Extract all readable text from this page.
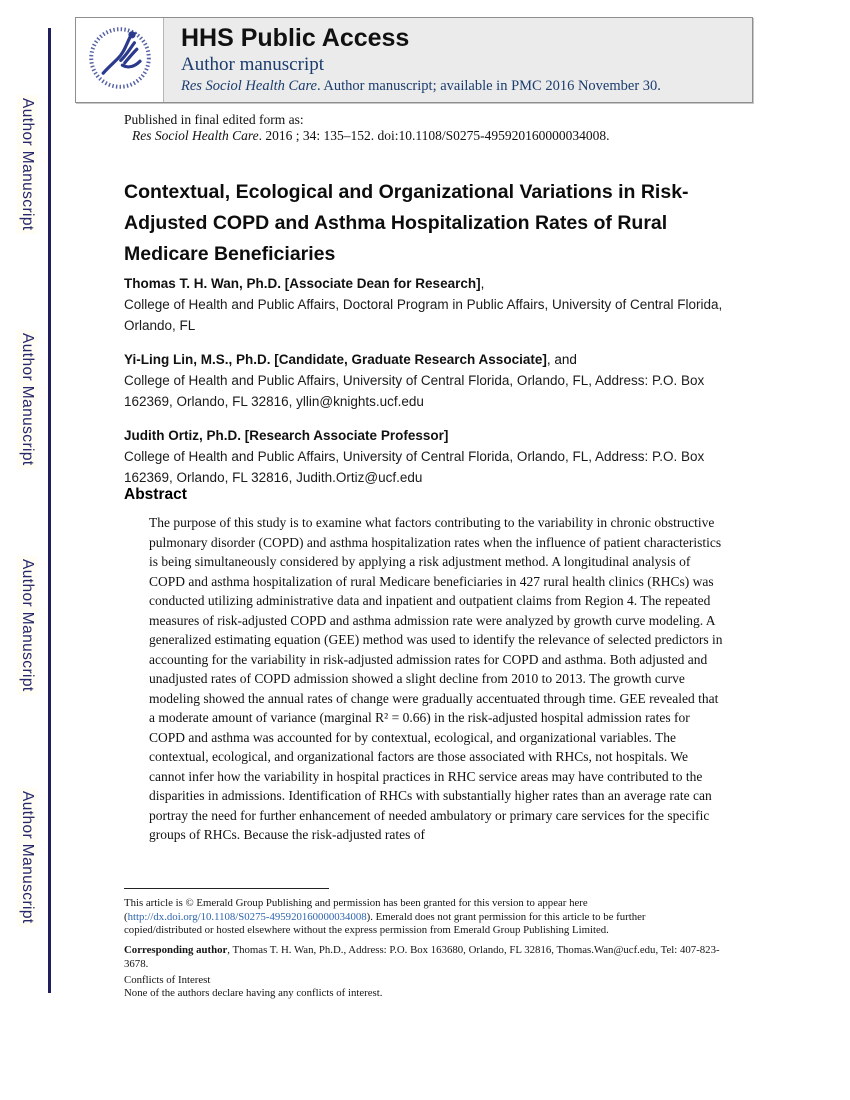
Author Manuscript
Author Manuscript
Author Manuscript
Author Manuscript
HHS Public Access
Author manuscript
Res Sociol Health Care. Author manuscript; available in PMC 2016 November 30.
Published in final edited form as:
Res Sociol Health Care. 2016 ; 34: 135–152. doi:10.1108/S0275-495920160000034008.
Contextual, Ecological and Organizational Variations in Risk-Adjusted COPD and Asthma Hospitalization Rates of Rural Medicare Beneficiaries
Thomas T. H. Wan, Ph.D. [Associate Dean for Research],
College of Health and Public Affairs, Doctoral Program in Public Affairs, University of Central Florida, Orlando, FL
Yi-Ling Lin, M.S., Ph.D. [Candidate, Graduate Research Associate], and
College of Health and Public Affairs, University of Central Florida, Orlando, FL, Address: P.O. Box 162369, Orlando, FL 32816, yllin@knights.ucf.edu
Judith Ortiz, Ph.D. [Research Associate Professor]
College of Health and Public Affairs, University of Central Florida, Orlando, FL, Address: P.O. Box 162369, Orlando, FL 32816, Judith.Ortiz@ucf.edu
Abstract

The purpose of this study is to examine what factors contributing to the variability in chronic obstructive pulmonary disorder (COPD) and asthma hospitalization rates when the influence of patient characteristics is being simultaneously considered by applying a risk adjustment method. A longitudinal analysis of COPD and asthma hospitalization of rural Medicare beneficiaries in 427 rural health clinics (RHCs) was conducted utilizing administrative data and inpatient and outpatient claims from Region 4. The repeated measures of risk-adjusted COPD and asthma admission rate were analyzed by growth curve modeling. A generalized estimating equation (GEE) method was used to identify the relevance of selected predictors in accounting for the variability in risk-adjusted admission rates for COPD and asthma. Both adjusted and unadjusted rates of COPD admission showed a slight decline from 2010 to 2013. The growth curve modeling showed the annual rates of change were gradually accentuated through time. GEE revealed that a moderate amount of variance (marginal R² = 0.66) in the risk-adjusted hospital admission rates for COPD and asthma was accounted for by contextual, ecological, and organizational variables. The contextual, ecological, and organizational factors are those associated with RHCs, not hospitals. We cannot infer how the variability in hospital practices in RHC service areas may have contributed to the disparities in admissions. Identification of RHCs with substantially higher rates than an average rate can portray the need for further enhancement of needed ambulatory or primary care services for the specific groups of RHCs. Because the risk-adjusted rates of

This article is © Emerald Group Publishing and permission has been granted for this version to appear here (http://dx.doi.org/10.1108/S0275-495920160000034008). Emerald does not grant permission for this article to be further copied/distributed or hosted elsewhere without the express permission from Emerald Group Publishing Limited.

Corresponding author, Thomas T. H. Wan, Ph.D., Address: P.O. Box 163680, Orlando, FL 32816, Thomas.Wan@ucf.edu, Tel: 407-823-3678.

Conflicts of Interest

None of the authors declare having any conflicts of interest.
